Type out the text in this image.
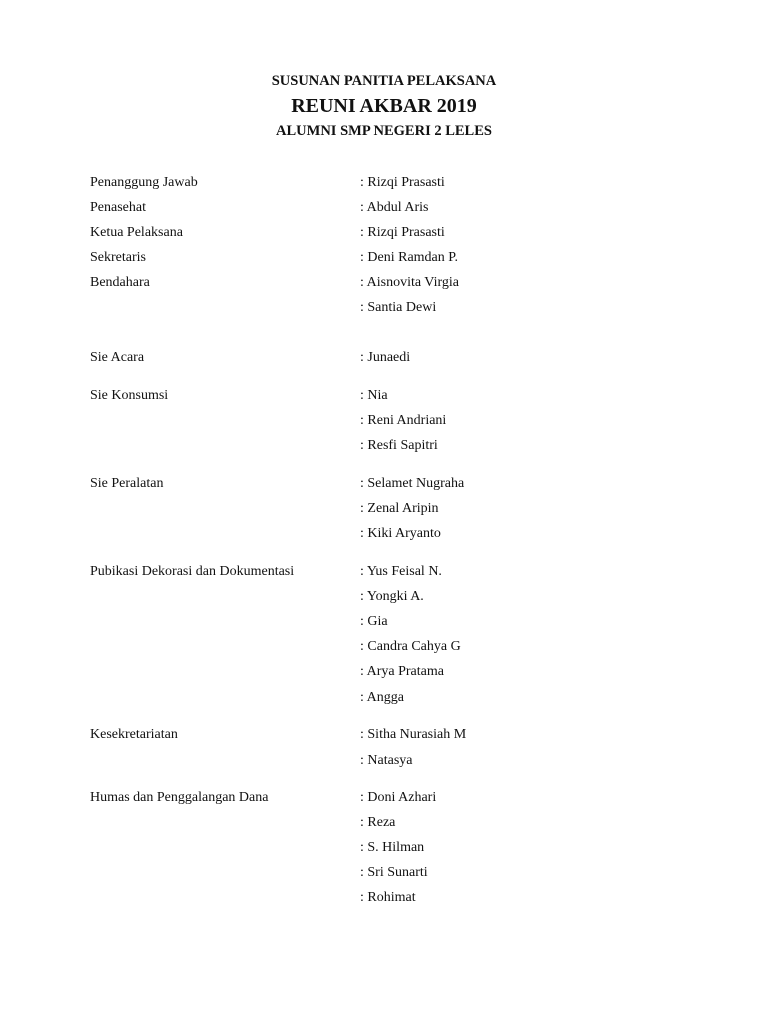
SUSUNAN PANITIA PELAKSANA
REUNI AKBAR 2019
ALUMNI SMP NEGERI 2 LELES
Penanggung Jawab	: Rizqi Prasasti
Penasehat	: Abdul Aris
Ketua Pelaksana	: Rizqi Prasasti
Sekretaris	: Deni Ramdan P.
Bendahara	: Aisnovita Virgia
: Santia Dewi
Sie Acara	: Junaedi
Sie Konsumsi	: Nia
: Reni Andriani
: Resfi Sapitri
Sie Peralatan	: Selamet Nugraha
: Zenal Aripin
: Kiki Aryanto
Pubikasi Dekorasi dan Dokumentasi	: Yus Feisal N.
: Yongki A.
: Gia
: Candra Cahya G
: Arya Pratama
: Angga
Kesekretariatan	: Sitha Nurasiah M
: Natasya
Humas dan Penggalangan Dana	: Doni Azhari
: Reza
: S. Hilman
: Sri Sunarti
: Rohimat
